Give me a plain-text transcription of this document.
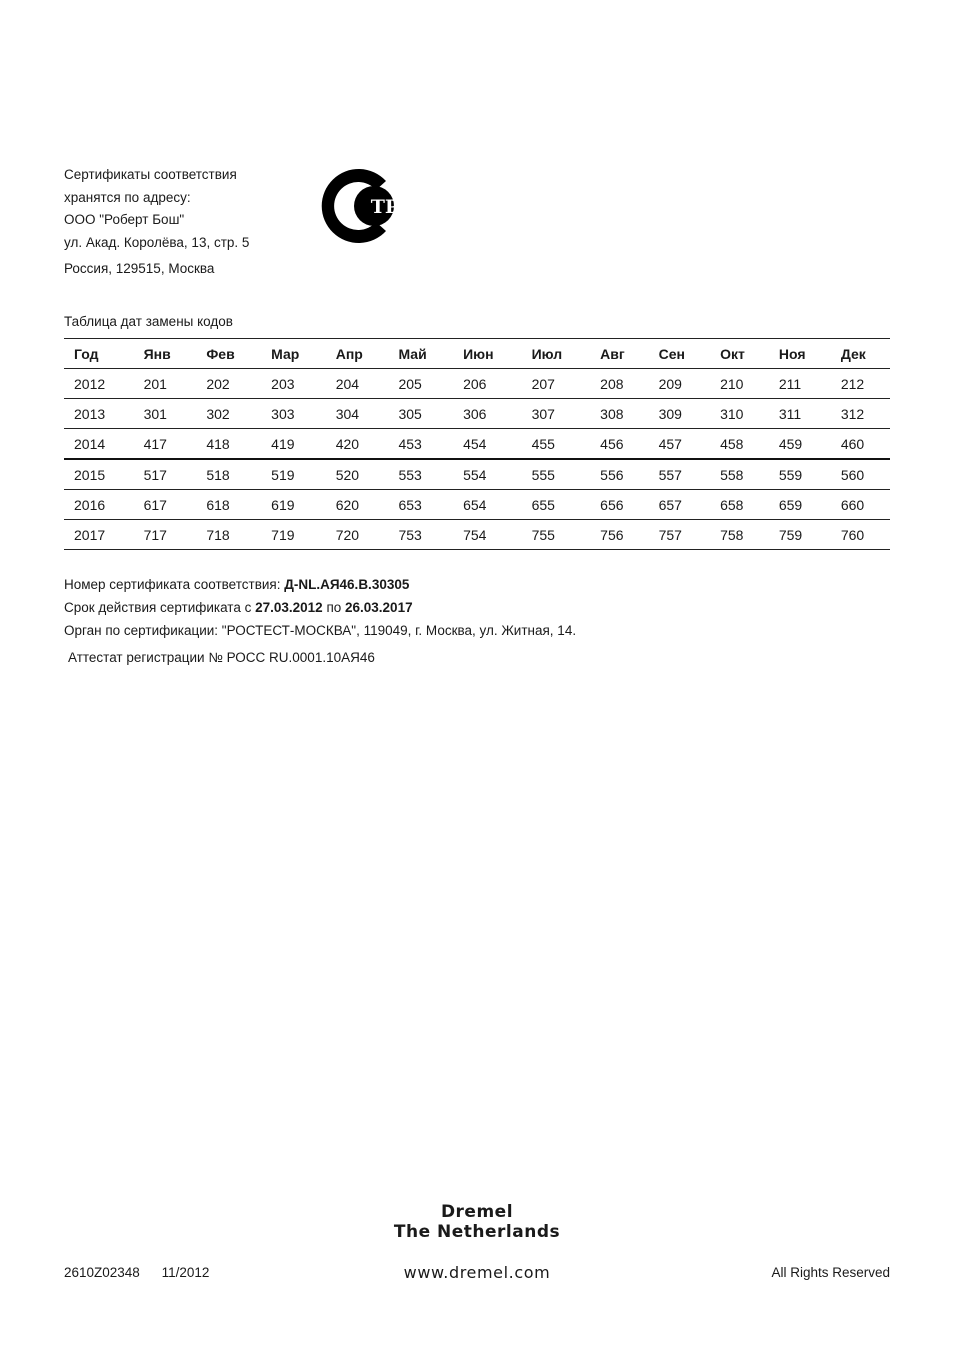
Сертификаты соответствия
хранятся по адресу:
ООО "Роберт Бош"
ул. Акад. Королёва, 13, стр. 5
Россия, 129515, Москва
ТР
Таблица дат замены кодов
Год	Янв	Фев	Мар	Апр	Май	Июн	Июл	Авг	Сен	Окт	Ноя	Дек
2012	201	202	203	204	205	206	207	208	209	210	211	212
2013	301	302	303	304	305	306	307	308	309	310	311	312
2014	417	418	419	420	453	454	455	456	457	458	459	460
2015	517	518	519	520	553	554	555	556	557	558	559	560
2016	617	618	619	620	653	654	655	656	657	658	659	660
2017	717	718	719	720	753	754	755	756	757	758	759	760
Номер сертификата соответствия: Д-NL.АЯ46.В.30305
Срок действия сертификата с 27.03.2012 по 26.03.2017
Орган по сертификации: "РОСТЕСТ-МОСКВА", 119049, г. Москва, ул. Житная, 14.
Аттестат регистрации № РОСС RU.0001.10АЯ46
Dremel
The Netherlands
2610Z02348 11/2012	www.dremel.com	All Rights Reserved
